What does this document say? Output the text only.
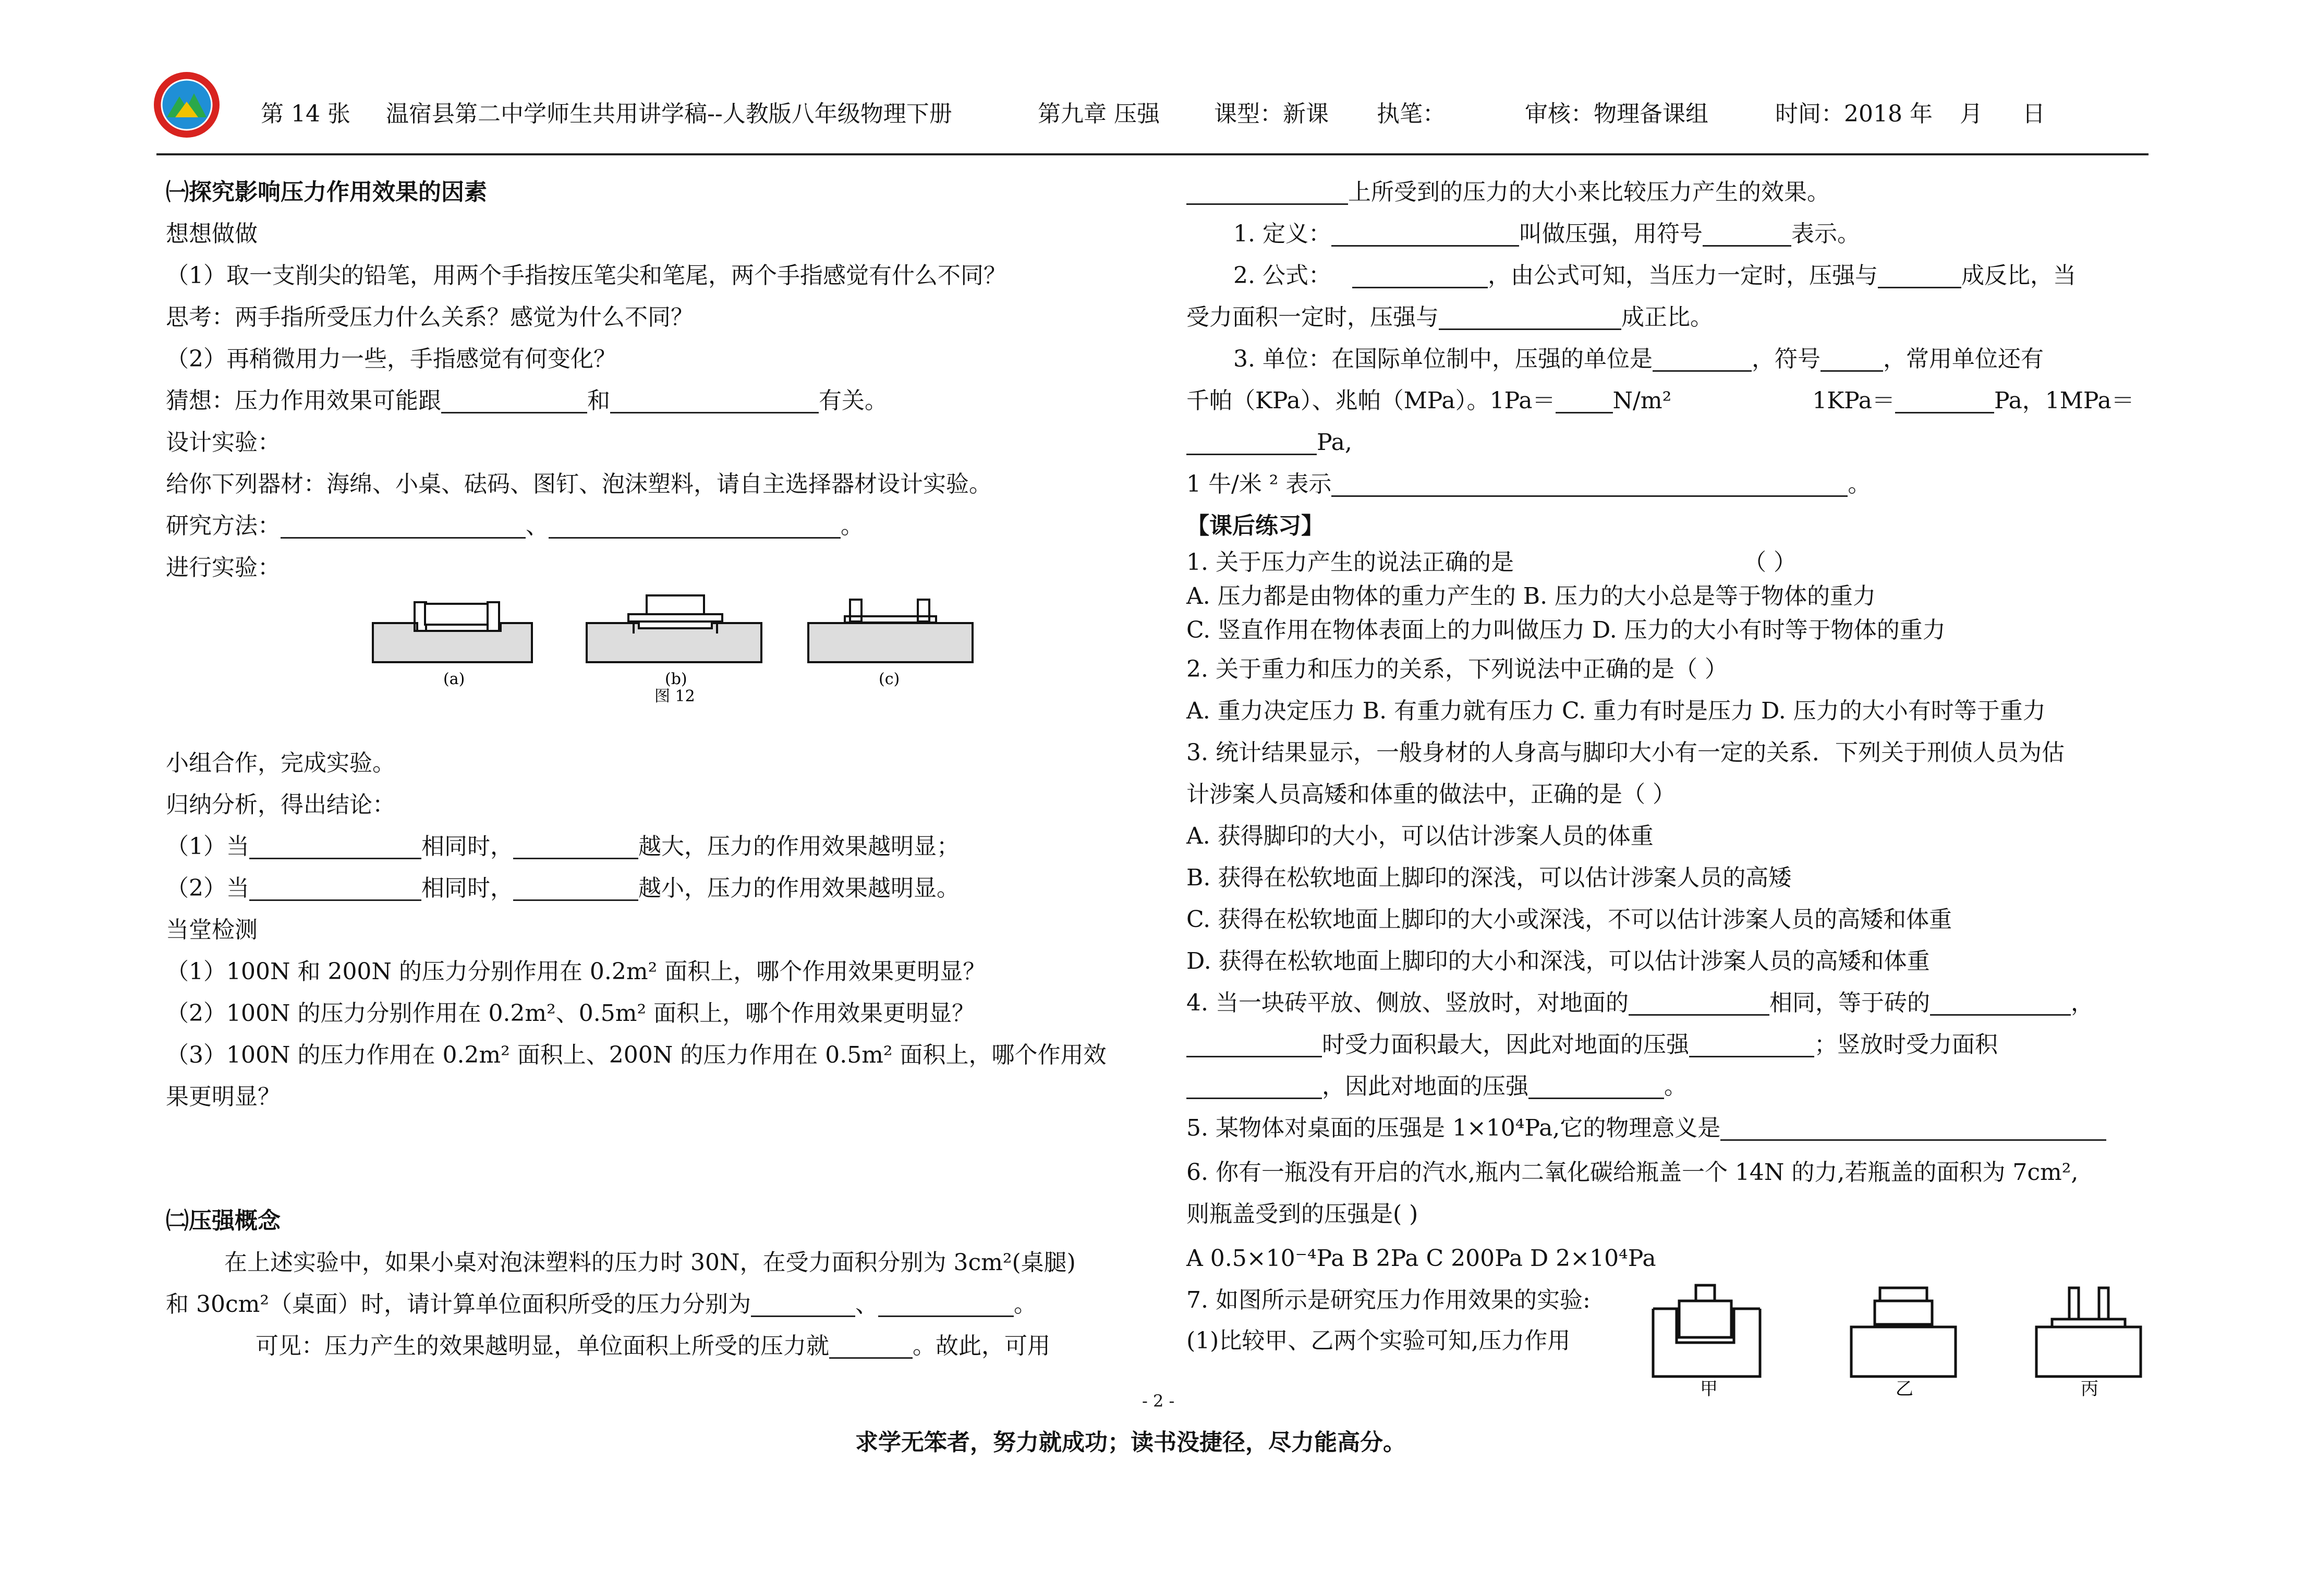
第 14 张 温宿县第二中学师生共用讲学稿--人教版八年级物理下册	第九章 压强 课型：新课 执笔：	审核：物理备课组	时间：2018 年 月 日
㈠探究影响压力作用效果的因素
想想做做
（1）取一支削尖的铅笔，用两个手指按压笔尖和笔尾，两个手指感觉有什么不同？
思考：两手指所受压力什么关系？感觉为什么不同？
（2）再稍微用力一些，手指感觉有何变化？
猜想：压力作用效果可能跟	和	有关。
设计实验：
给你下列器材：海绵、小桌、砝码、图钉、泡沫塑料，请自主选择器材设计实验。
研究方法：	、	。
进行实验：
(a)	(b)	(c)
图 12
小组合作，完成实验。
归纳分析，得出结论：
（1）当	相同时，	越大，压力的作用效果越明显；
（2）当	相同时，	越小，压力的作用效果越明显。
当堂检测
（1）100N 和 200N 的压力分别作用在 0.2m² 面积上，哪个作用效果更明显？
（2）100N 的压力分别作用在 0.2m²、0.5m² 面积上，哪个作用效果更明显？
（3）100N 的压力作用在 0.2m² 面积上、200N 的压力作用在 0.5m² 面积上，哪个作用效
果更明显？
㈡压强概念
在上述实验中，如果小桌对泡沫塑料的压力时 30N，在受力面积分别为 3cm²(桌腿)
和 30cm²（桌面）时，请计算单位面积所受的压力分别为	、	。
可见：压力产生的效果越明显，单位面积上所受的压力就	。故此，可用
上所受到的压力的大小来比较压力产生的效果。
1. 定义：	叫做压强，用符号	表示。
2. 公式：	，由公式可知，当压力一定时，压强与	成反比，当
受力面积一定时，压强与	成正比。
3. 单位：在国际单位制中，压强的单位是	，符号	，常用单位还有
千帕（KPa）、兆帕（MPa）。1Pa＝	N/m²	1KPa＝	Pa，1MPa＝
Pa,
1 牛/米 ² 表示	。
【课后练习】
1. 关于压力产生的说法正确的是	（ ）
A. 压力都是由物体的重力产生的 B. 压力的大小总是等于物体的重力
C. 竖直作用在物体表面上的力叫做压力 D. 压力的大小有时等于物体的重力
2. 关于重力和压力的关系，下列说法中正确的是（ ）
A. 重力决定压力 B. 有重力就有压力 C. 重力有时是压力 D. 压力的大小有时等于重力
3. 统计结果显示，一般身材的人身高与脚印大小有一定的关系．下列关于刑侦人员为估
计涉案人员高矮和体重的做法中，正确的是（ ）
A. 获得脚印的大小，可以估计涉案人员的体重
B. 获得在松软地面上脚印的深浅，可以估计涉案人员的高矮
C. 获得在松软地面上脚印的大小或深浅，不可以估计涉案人员的高矮和体重
D. 获得在松软地面上脚印的大小和深浅，可以估计涉案人员的高矮和体重
4. 当一块砖平放、侧放、竖放时，对地面的	相同，等于砖的	，
时受力面积最大，因此对地面的压强	；竖放时受力面积
，因此对地面的压强	。
5. 某物体对桌面的压强是 1×10⁴Pa,它的物理意义是
6. 你有一瓶没有开启的汽水,瓶内二氧化碳给瓶盖一个 14N 的力,若瓶盖的面积为 7cm²,
则瓶盖受到的压强是( )
A 0.5×10⁻⁴Pa B 2Pa C 200Pa D 2×10⁴Pa
7. 如图所示是研究压力作用效果的实验:
(1)比较甲、乙两个实验可知,压力作用
甲	乙	丙
- 2 -
求学无笨者，努力就成功；读书没捷径，尽力能高分。
